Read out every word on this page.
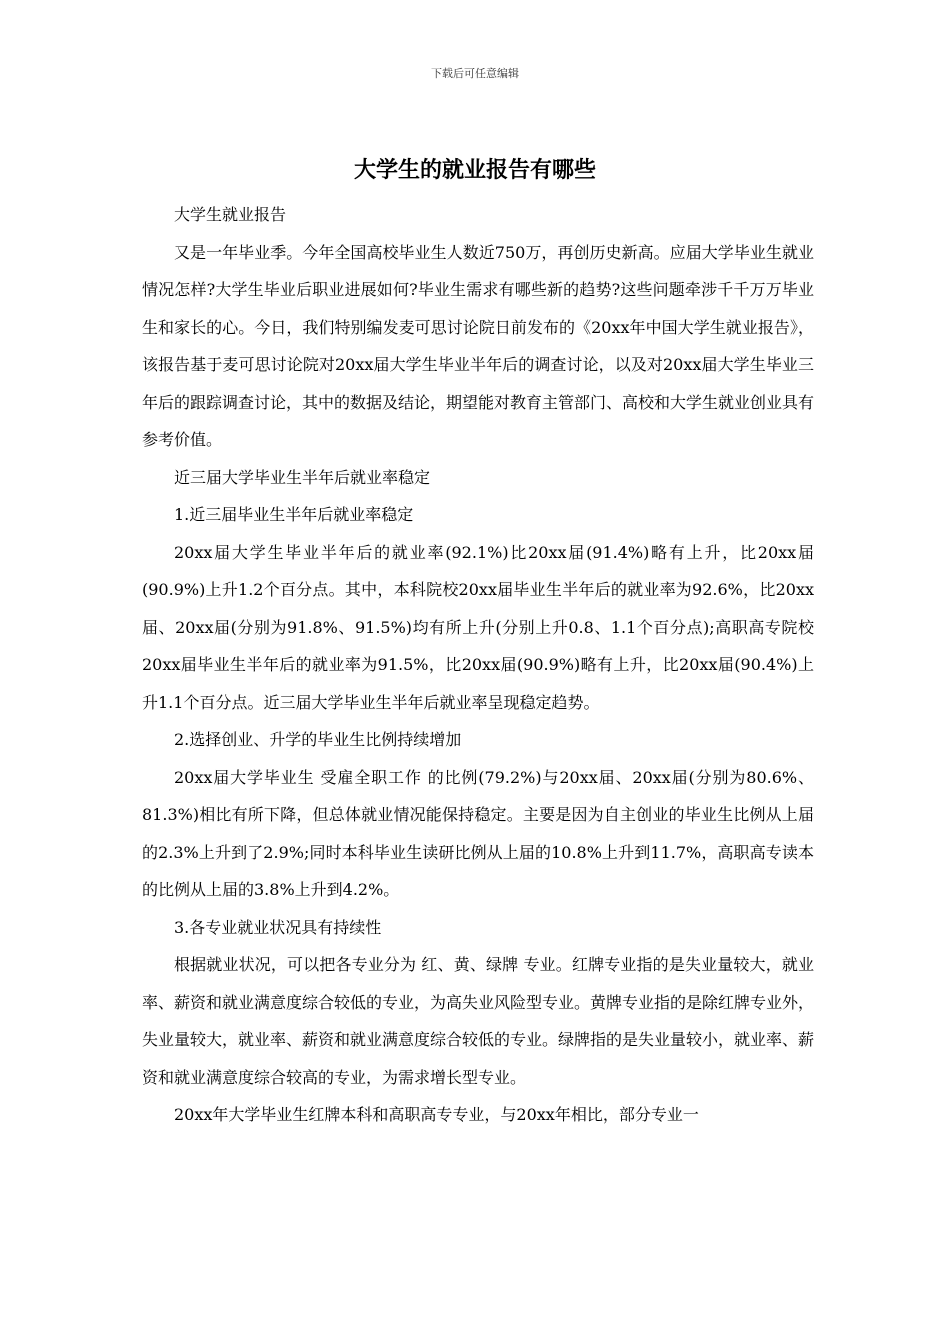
下载后可任意编辑
大学生的就业报告有哪些

大学生就业报告

又是一年毕业季。今年全国高校毕业生人数近750万，再创历史新高。应届大学毕业生就业情况怎样?大学生毕业后职业进展如何?毕业生需求有哪些新的趋势?这些问题牵涉千千万万毕业生和家长的心。今日，我们特别编发麦可思讨论院日前发布的《20xx年中国大学生就业报告》，该报告基于麦可思讨论院对20xx届大学生毕业半年后的调查讨论，以及对20xx届大学生毕业三年后的跟踪调查讨论，其中的数据及结论，期望能对教育主管部门、高校和大学生就业创业具有参考价值。

近三届大学毕业生半年后就业率稳定

1.近三届毕业生半年后就业率稳定

20xx届大学生毕业半年后的就业率(92.1%)比20xx届(91.4%)略有上升，比20xx届(90.9%)上升1.2个百分点。其中，本科院校20xx届毕业生半年后的就业率为92.6%，比20xx届、20xx届(分别为91.8%、91.5%)均有所上升(分别上升0.8、1.1个百分点);高职高专院校20xx届毕业生半年后的就业率为91.5%，比20xx届(90.9%)略有上升，比20xx届(90.4%)上升1.1个百分点。近三届大学毕业生半年后就业率呈现稳定趋势。

2.选择创业、升学的毕业生比例持续增加

20xx届大学毕业生 受雇全职工作 的比例(79.2%)与20xx届、20xx届(分别为80.6%、81.3%)相比有所下降，但总体就业情况能保持稳定。主要是因为自主创业的毕业生比例从上届的2.3%上升到了2.9%;同时本科毕业生读研比例从上届的10.8%上升到11.7%，高职高专读本的比例从上届的3.8%上升到4.2%。

3.各专业就业状况具有持续性

根据就业状况，可以把各专业分为 红、黄、绿牌 专业。红牌专业指的是失业量较大，就业率、薪资和就业满意度综合较低的专业，为高失业风险型专业。黄牌专业指的是除红牌专业外，失业量较大，就业率、薪资和就业满意度综合较低的专业。绿牌指的是失业量较小，就业率、薪资和就业满意度综合较高的专业，为需求增长型专业。

20xx年大学毕业生红牌本科和高职高专专业，与20xx年相比，部分专业一
